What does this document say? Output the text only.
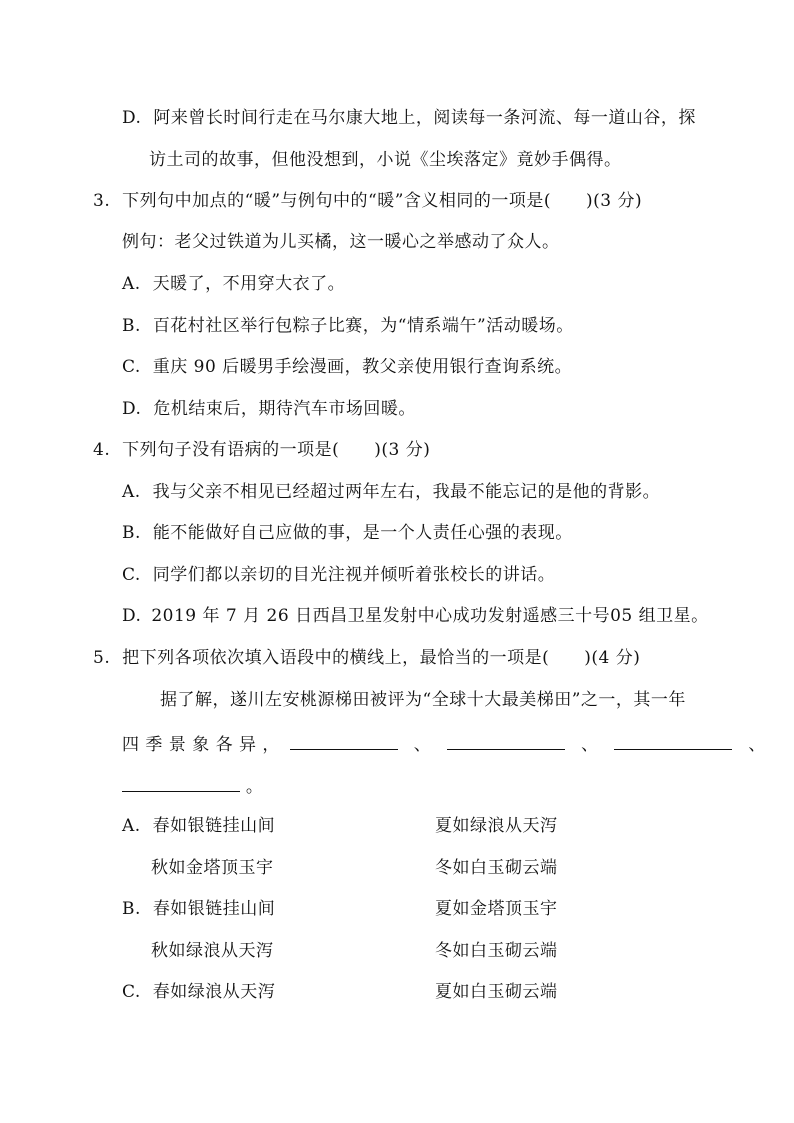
D. 阿来曾长时间行走在马尔康大地上，阅读每一条河流、每一道山谷，探
访土司的故事，但他没想到，小说《尘埃落定》竟妙手偶得。
3. 下列句中加点的“暖”与例句中的“暖”含义相同的一项是(　　)(3 分)
例句：老父过铁道为儿买橘，这一暖心之举感动了众人。
A. 天暖了，不用穿大衣了。
B. 百花村社区举行包粽子比赛，为“情系端午”活动暖场。
C. 重庆 90 后暖男手绘漫画，教父亲使用银行查询系统。
D. 危机结束后，期待汽车市场回暖。
4. 下列句子没有语病的一项是(　　)(3 分)
A. 我与父亲不相见已经超过两年左右，我最不能忘记的是他的背影。
B. 能不能做好自己应做的事，是一个人责任心强的表现。
C. 同学们都以亲切的目光注视并倾听着张校长的讲话。
D. 2019 年 7 月 26 日西昌卫星发射中心成功发射遥感三十号05 组卫星。
5. 把下列各项依次填入语段中的横线上，最恰当的一项是(　　)(4 分)
据了解，遂川左安桃源梯田被评为“全球十大最美梯田”之一，其一年
四 季 景 象 各 异 ，	、	、	、
。
A. 春如银链挂山间	夏如绿浪从天泻
秋如金塔顶玉宇	冬如白玉砌云端
B. 春如银链挂山间	夏如金塔顶玉宇
秋如绿浪从天泻	冬如白玉砌云端
C. 春如绿浪从天泻	夏如白玉砌云端
